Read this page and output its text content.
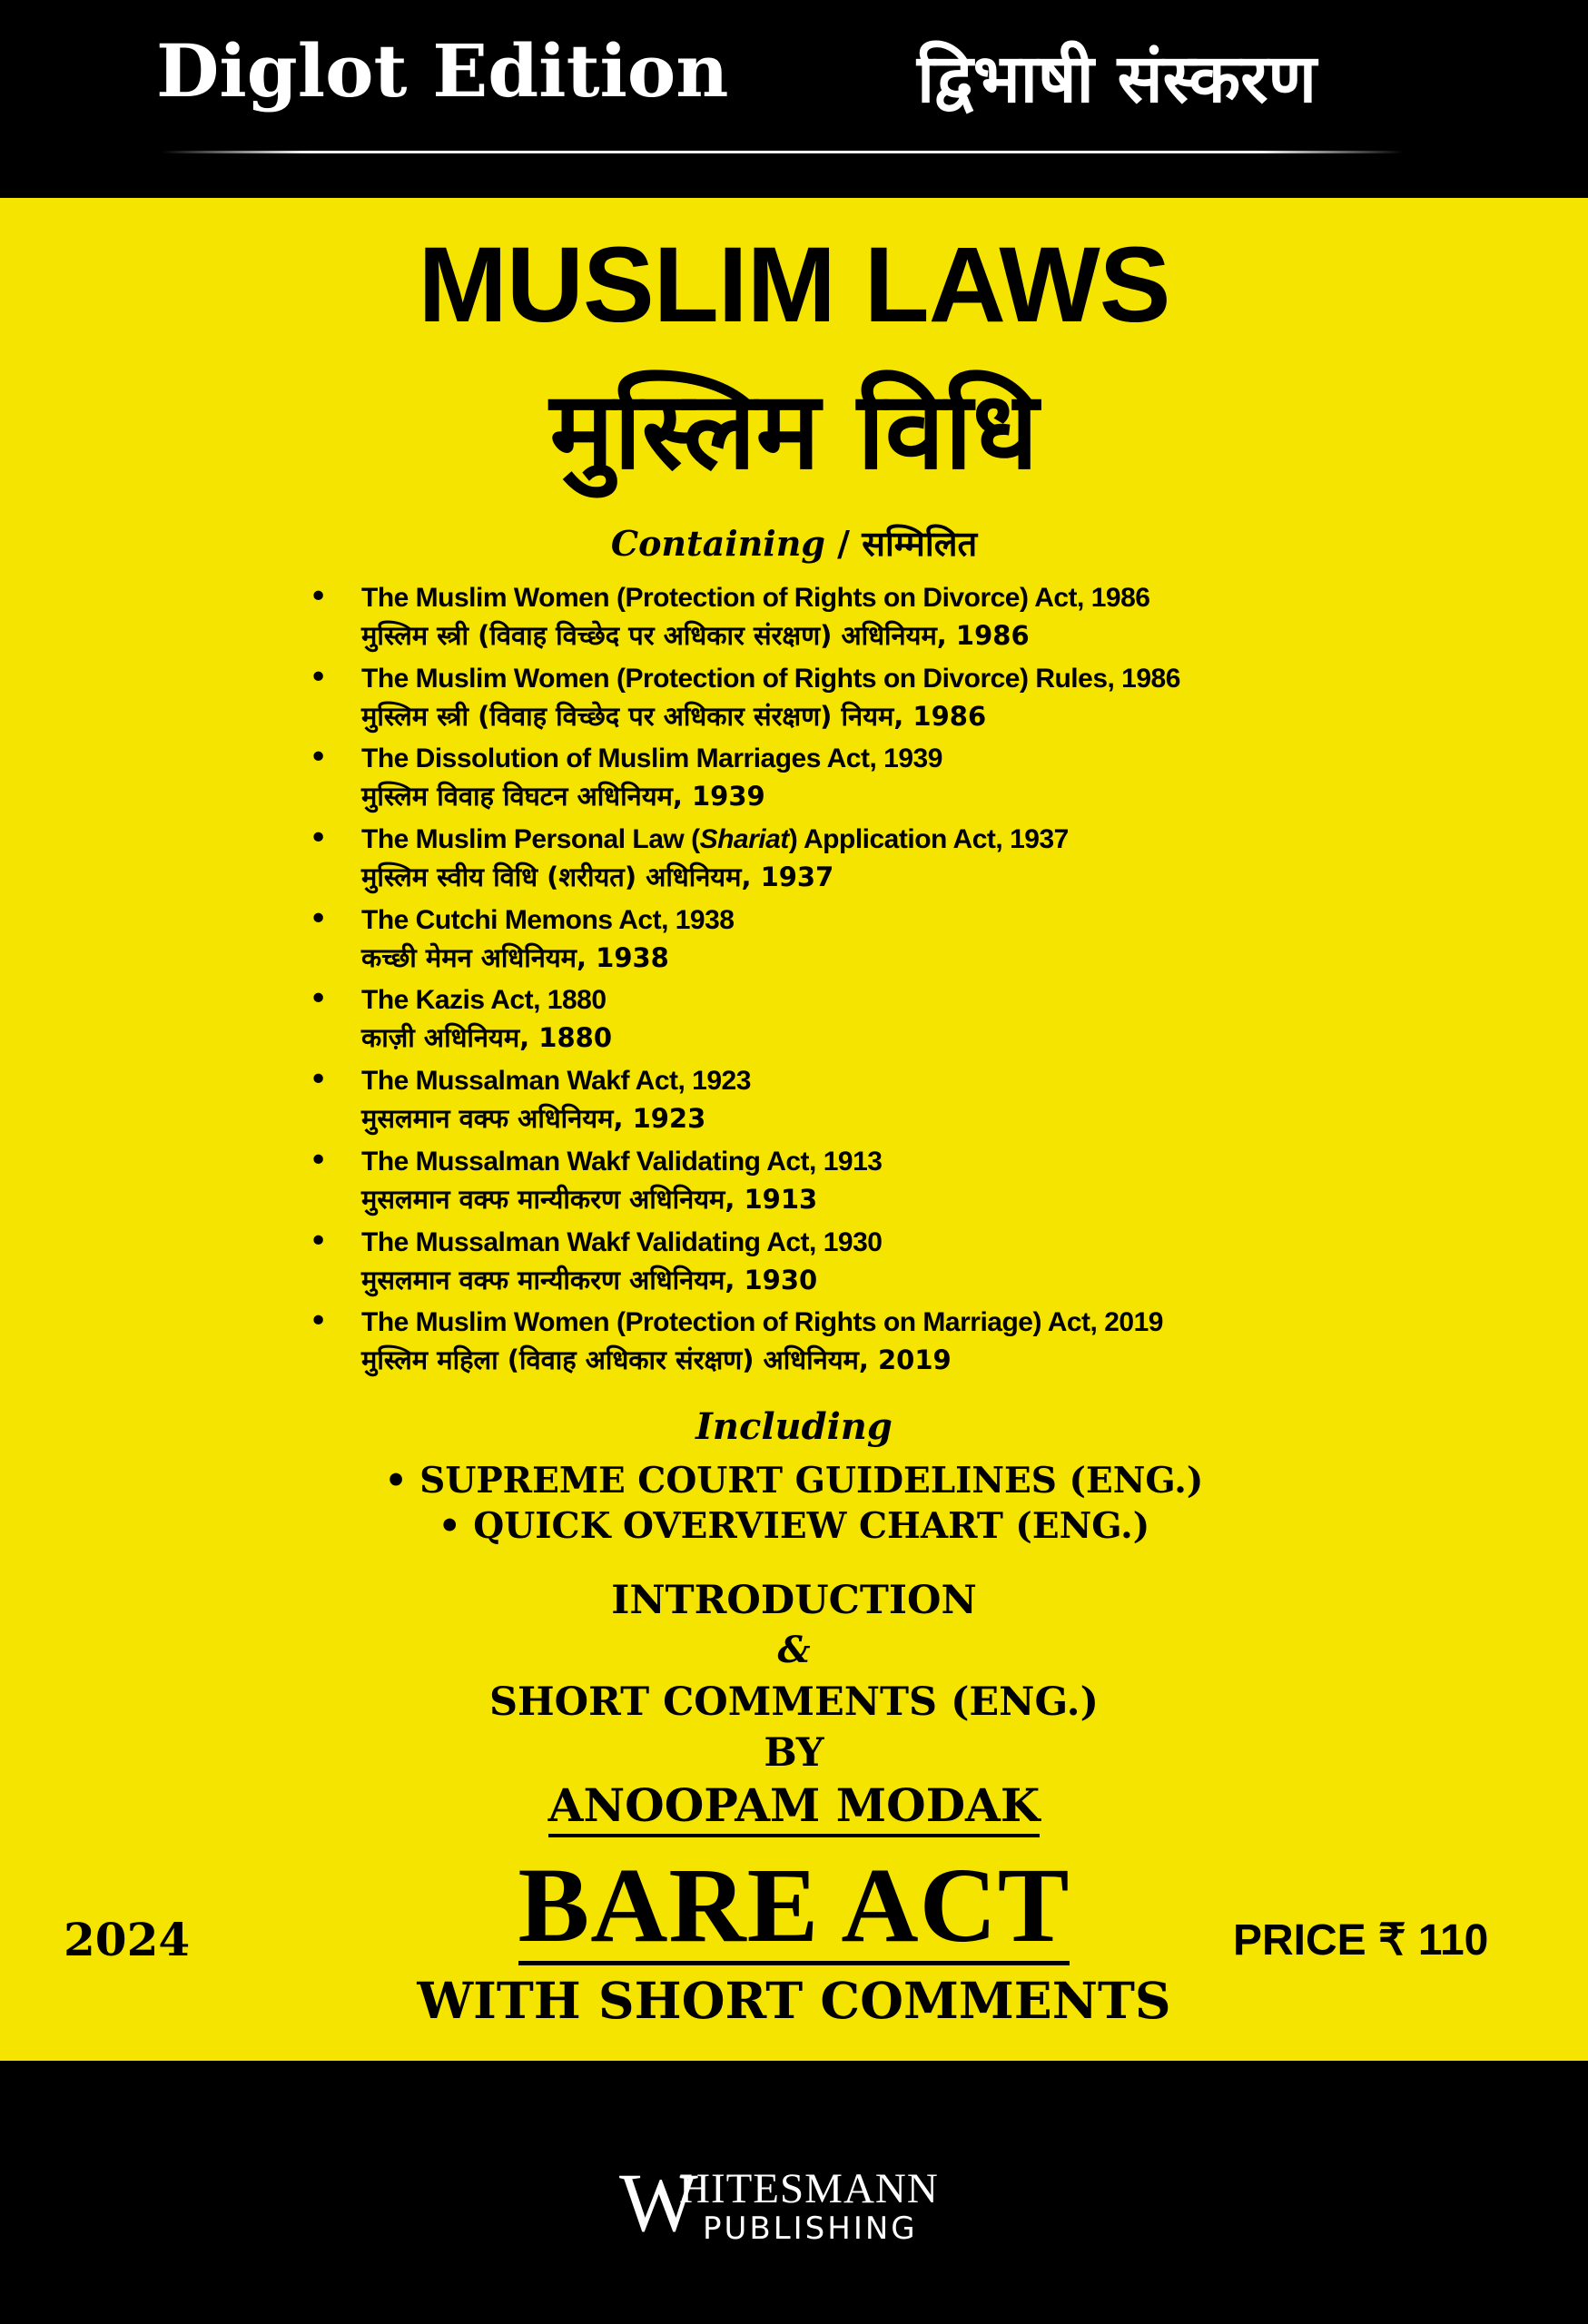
Diglot Edition	द्विभाषी संस्करण
MUSLIM LAWS
मुस्लिम विधि
Containing / सम्मिलित
• The Muslim Women (Protection of Rights on Divorce) Act, 1986
मुस्लिम स्त्री (विवाह विच्छेद पर अधिकार संरक्षण) अधिनियम, 1986
• The Muslim Women (Protection of Rights on Divorce) Rules, 1986
मुस्लिम स्त्री (विवाह विच्छेद पर अधिकार संरक्षण) नियम, 1986
• The Dissolution of Muslim Marriages Act, 1939
मुस्लिम विवाह विघटन अधिनियम, 1939
• The Muslim Personal Law (Shariat) Application Act, 1937
मुस्लिम स्वीय विधि (शरीयत) अधिनियम, 1937
• The Cutchi Memons Act, 1938
कच्छी मेमन अधिनियम, 1938
• The Kazis Act, 1880
काज़ी अधिनियम, 1880
• The Mussalman Wakf Act, 1923
मुसलमान वक्फ अधिनियम, 1923
• The Mussalman Wakf Validating Act, 1913
मुसलमान वक्फ मान्यीकरण अधिनियम, 1913
• The Mussalman Wakf Validating Act, 1930
मुसलमान वक्फ मान्यीकरण अधिनियम, 1930
• The Muslim Women (Protection of Rights on Marriage) Act, 2019
मुस्लिम महिला (विवाह अधिकार संरक्षण) अधिनियम, 2019
Including
• SUPREME COURT GUIDELINES (ENG.)
• QUICK OVERVIEW CHART (ENG.)
INTRODUCTION
&
SHORT COMMENTS (ENG.)
BY
ANOOPAM MODAK
BARE ACT
WITH SHORT COMMENTS
2024	PRICE ₹ 110
W
HITESMANN
PUBLISHING
